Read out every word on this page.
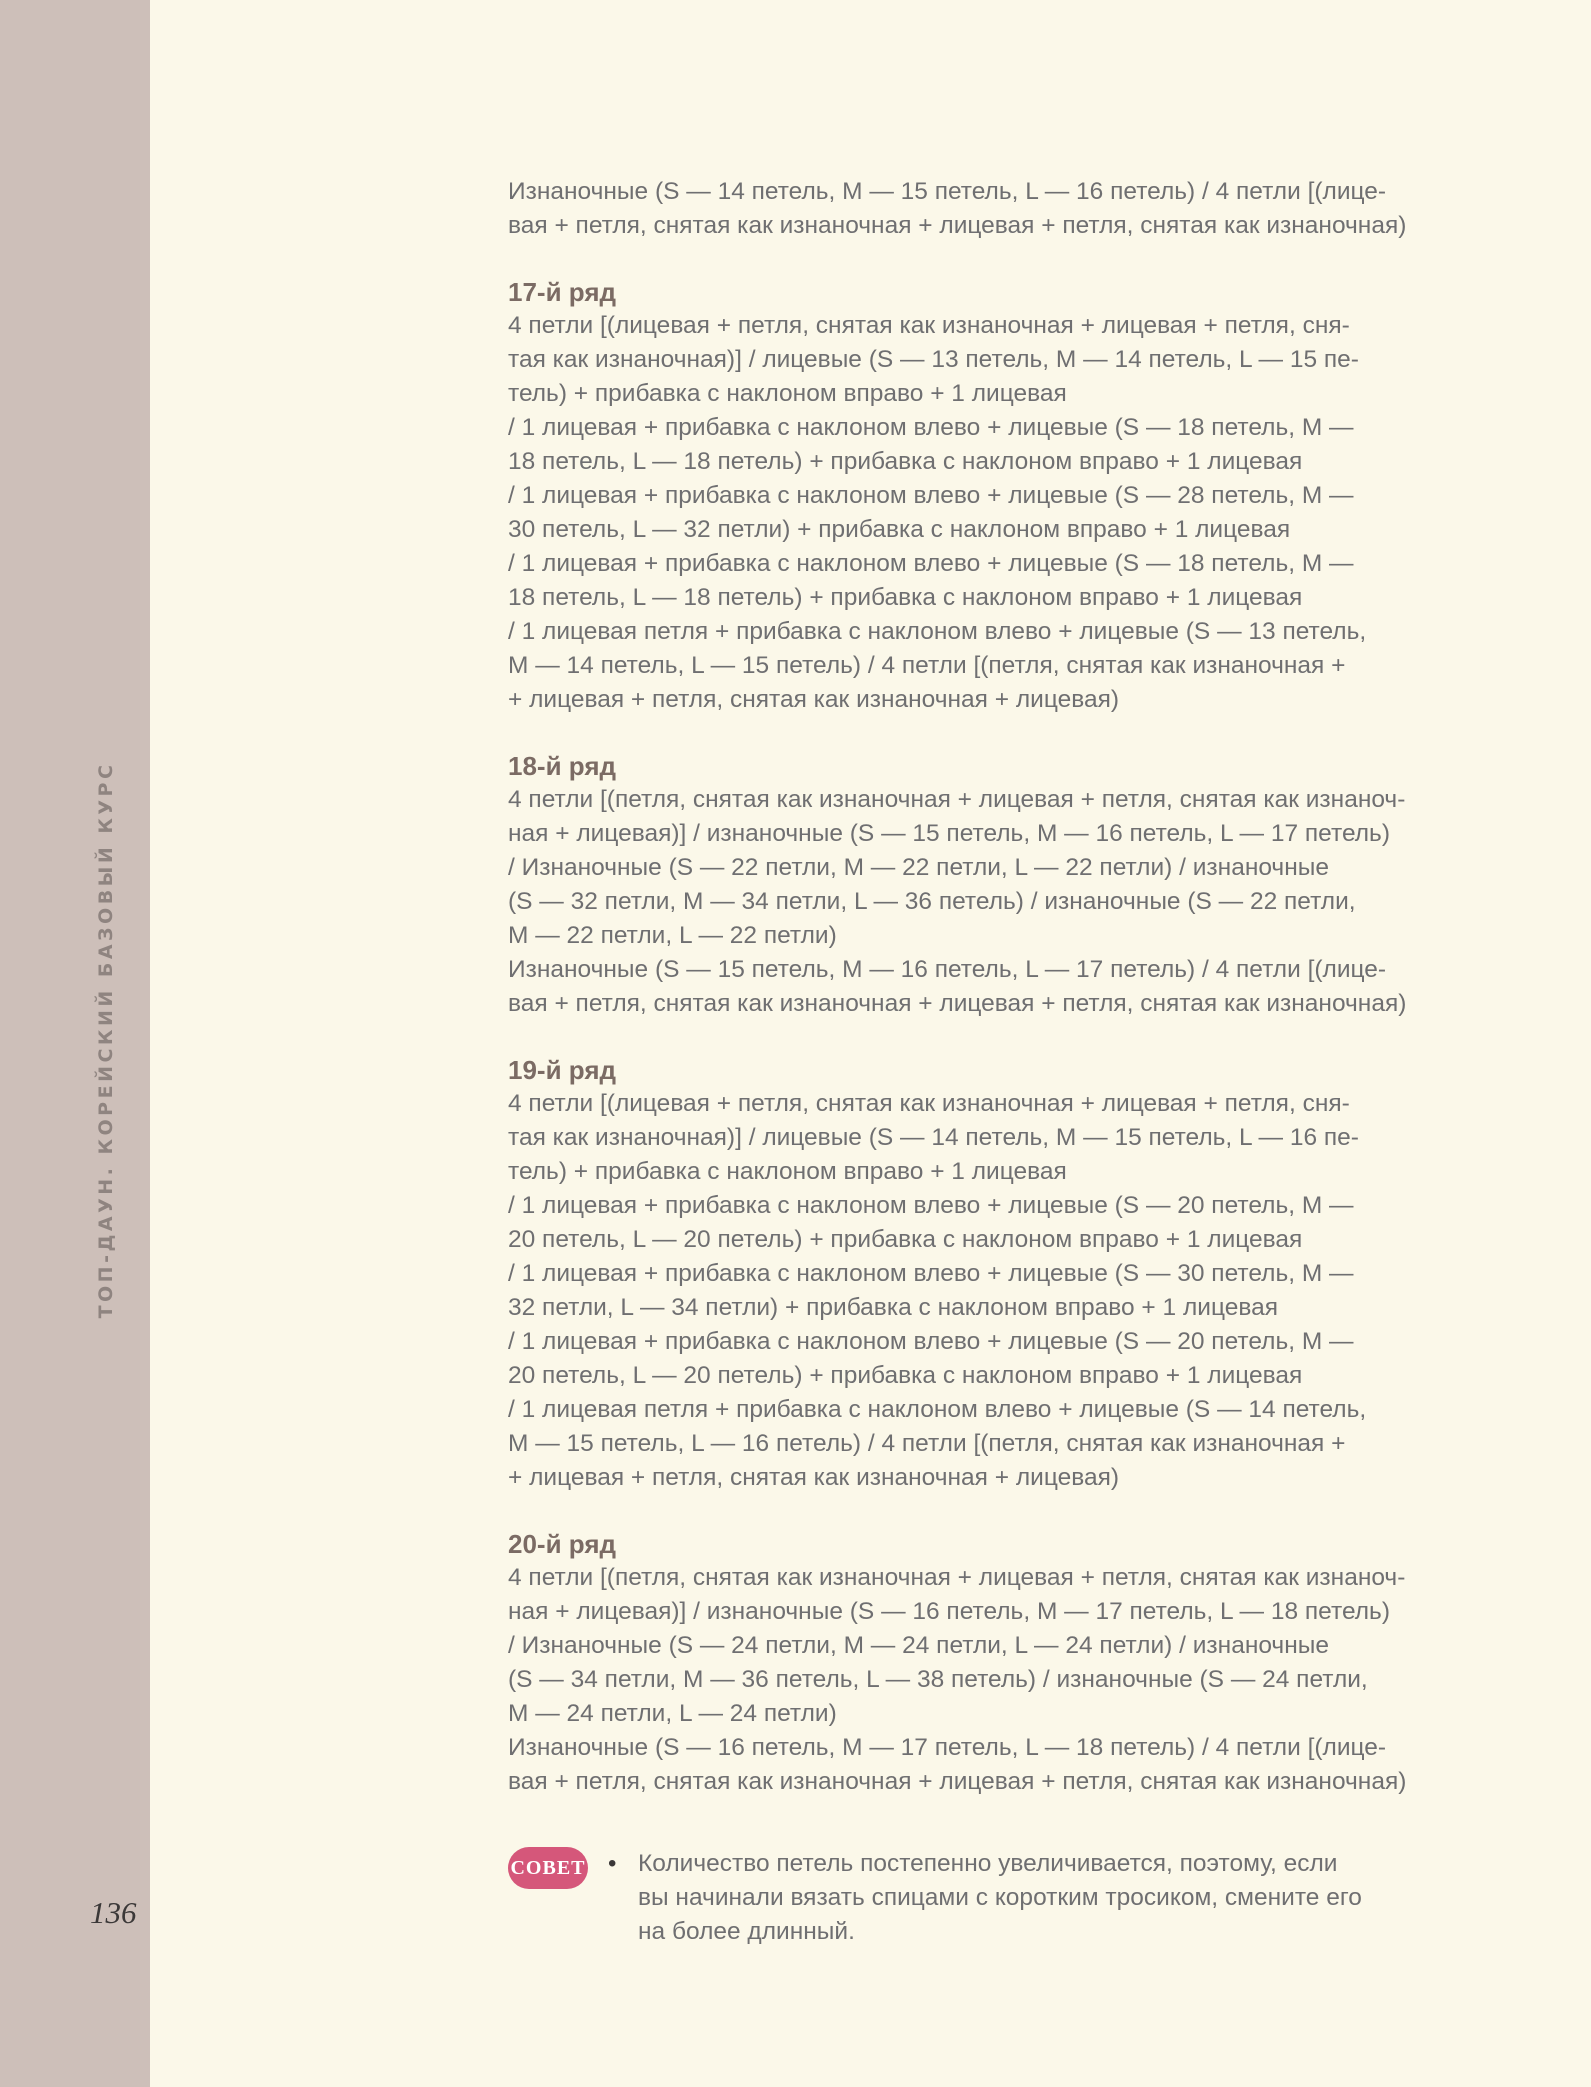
ТОП-ДАУН. КОРЕЙСКИЙ БАЗОВЫЙ КУРС
136
Изнаночные (S — 14 петель, M — 15 петель, L — 16 петель) / 4 петли [(лице-
вая + петля, снятая как изнаночная + лицевая + петля, снятая как изнаночная)
17-й ряд
4 петли [(лицевая + петля, снятая как изнаночная + лицевая + петля, сня-
тая как изнаночная)] / лицевые (S — 13 петель, M — 14 петель, L — 15 пе-
тель) + прибавка с наклоном вправо + 1 лицевая
/ 1 лицевая + прибавка с наклоном влево + лицевые (S — 18 петель, M —
18 петель, L — 18 петель) + прибавка с наклоном вправо + 1 лицевая
/ 1 лицевая + прибавка с наклоном влево + лицевые (S — 28 петель, M —
30 петель, L — 32 петли) + прибавка с наклоном вправо + 1 лицевая
/ 1 лицевая + прибавка с наклоном влево + лицевые (S — 18 петель, M —
18 петель, L — 18 петель) + прибавка с наклоном вправо + 1 лицевая
/ 1 лицевая петля + прибавка с наклоном влево + лицевые (S — 13 петель,
M — 14 петель, L — 15 петель) / 4 петли [(петля, снятая как изнаночная +
+ лицевая + петля, снятая как изнаночная + лицевая)
18-й ряд
4 петли [(петля, снятая как изнаночная + лицевая + петля, снятая как изнаноч-
ная + лицевая)] / изнаночные (S — 15 петель, M — 16 петель, L — 17 петель)
/ Изнаночные (S — 22 петли, M — 22 петли, L — 22 петли) / изнаночные
(S — 32 петли, M — 34 петли, L — 36 петель) / изнаночные (S — 22 петли,
M — 22 петли, L — 22 петли)
Изнаночные (S — 15 петель, M — 16 петель, L — 17 петель) / 4 петли [(лице-
вая + петля, снятая как изнаночная + лицевая + петля, снятая как изнаночная)
19-й ряд
4 петли [(лицевая + петля, снятая как изнаночная + лицевая + петля, сня-
тая как изнаночная)] / лицевые (S — 14 петель, M — 15 петель, L — 16 пе-
тель) + прибавка с наклоном вправо + 1 лицевая
/ 1 лицевая + прибавка с наклоном влево + лицевые (S — 20 петель, M —
20 петель, L — 20 петель) + прибавка с наклоном вправо + 1 лицевая
/ 1 лицевая + прибавка с наклоном влево + лицевые (S — 30 петель, M —
32 петли, L — 34 петли) + прибавка с наклоном вправо + 1 лицевая
/ 1 лицевая + прибавка с наклоном влево + лицевые (S — 20 петель, M —
20 петель, L — 20 петель) + прибавка с наклоном вправо + 1 лицевая
/ 1 лицевая петля + прибавка с наклоном влево + лицевые (S — 14 петель,
M — 15 петель, L — 16 петель) / 4 петли [(петля, снятая как изнаночная +
+ лицевая + петля, снятая как изнаночная + лицевая)
20-й ряд
4 петли [(петля, снятая как изнаночная + лицевая + петля, снятая как изнаноч-
ная + лицевая)] / изнаночные (S — 16 петель, M — 17 петель, L — 18 петель)
/ Изнаночные (S — 24 петли, M — 24 петли, L — 24 петли) / изнаночные
(S — 34 петли, M — 36 петель, L — 38 петель) / изнаночные (S — 24 петли,
M — 24 петли, L — 24 петли)
Изнаночные (S — 16 петель, M — 17 петель, L — 18 петель) / 4 петли [(лице-
вая + петля, снятая как изнаночная + лицевая + петля, снятая как изнаночная)
СОВЕТ • Количество петель постепенно увеличивается, поэтому, если
вы начинали вязать спицами с коротким тросиком, смените его
на более длинный.
